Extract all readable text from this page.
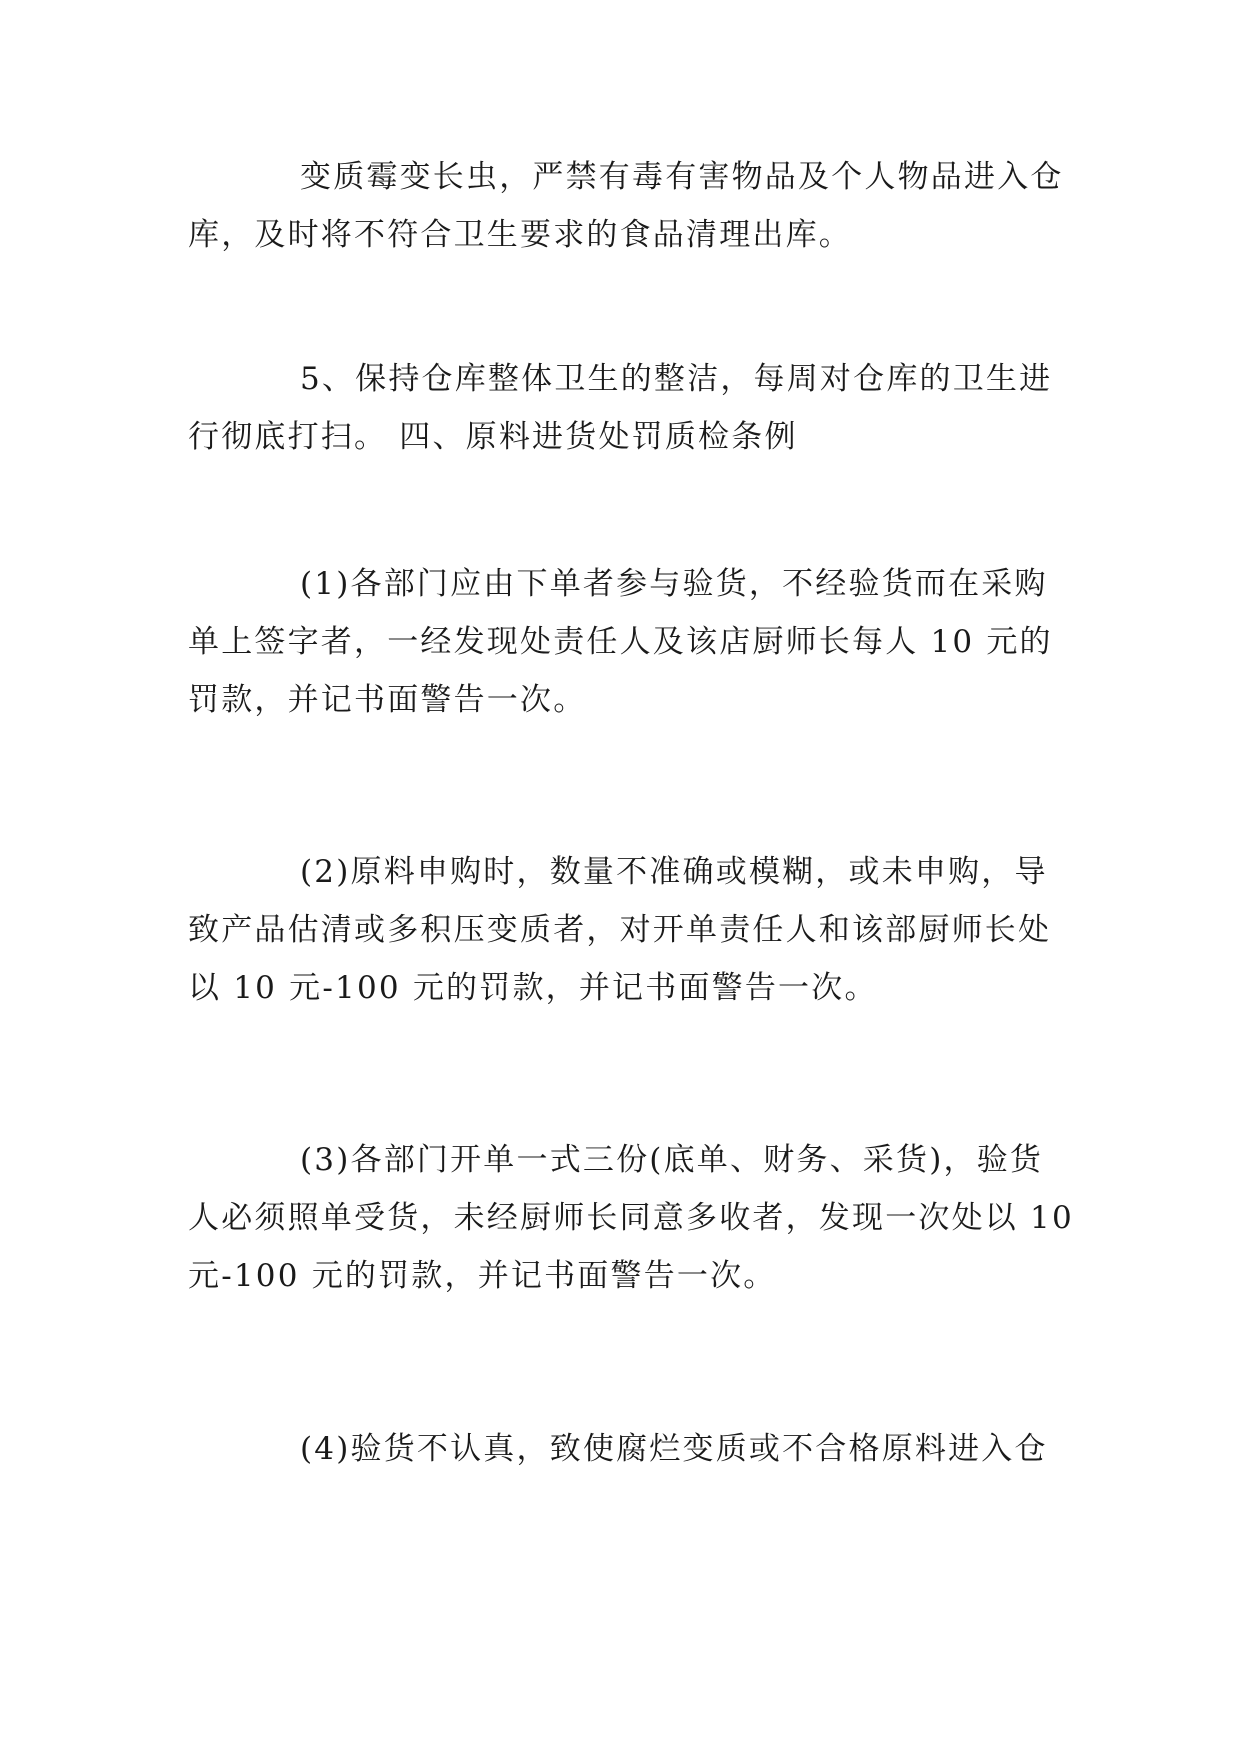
变质霉变长虫，严禁有毒有害物品及个人物品进入仓
库，及时将不符合卫生要求的食品清理出库。

5、保持仓库整体卫生的整洁，每周对仓库的卫生进
行彻底打扫。 四、原料进货处罚质检条例

(1)各部门应由下单者参与验货，不经验货而在采购
单上签字者，一经发现处责任人及该店厨师长每人 10 元的
罚款，并记书面警告一次。

(2)原料申购时，数量不准确或模糊，或未申购，导
致产品估清或多积压变质者，对开单责任人和该部厨师长处
以 10 元-100 元的罚款，并记书面警告一次。

(3)各部门开单一式三份(底单、财务、采货)，验货
人必须照单受货，未经厨师长同意多收者，发现一次处以 10
元-100 元的罚款，并记书面警告一次。

(4)验货不认真，致使腐烂变质或不合格原料进入仓
